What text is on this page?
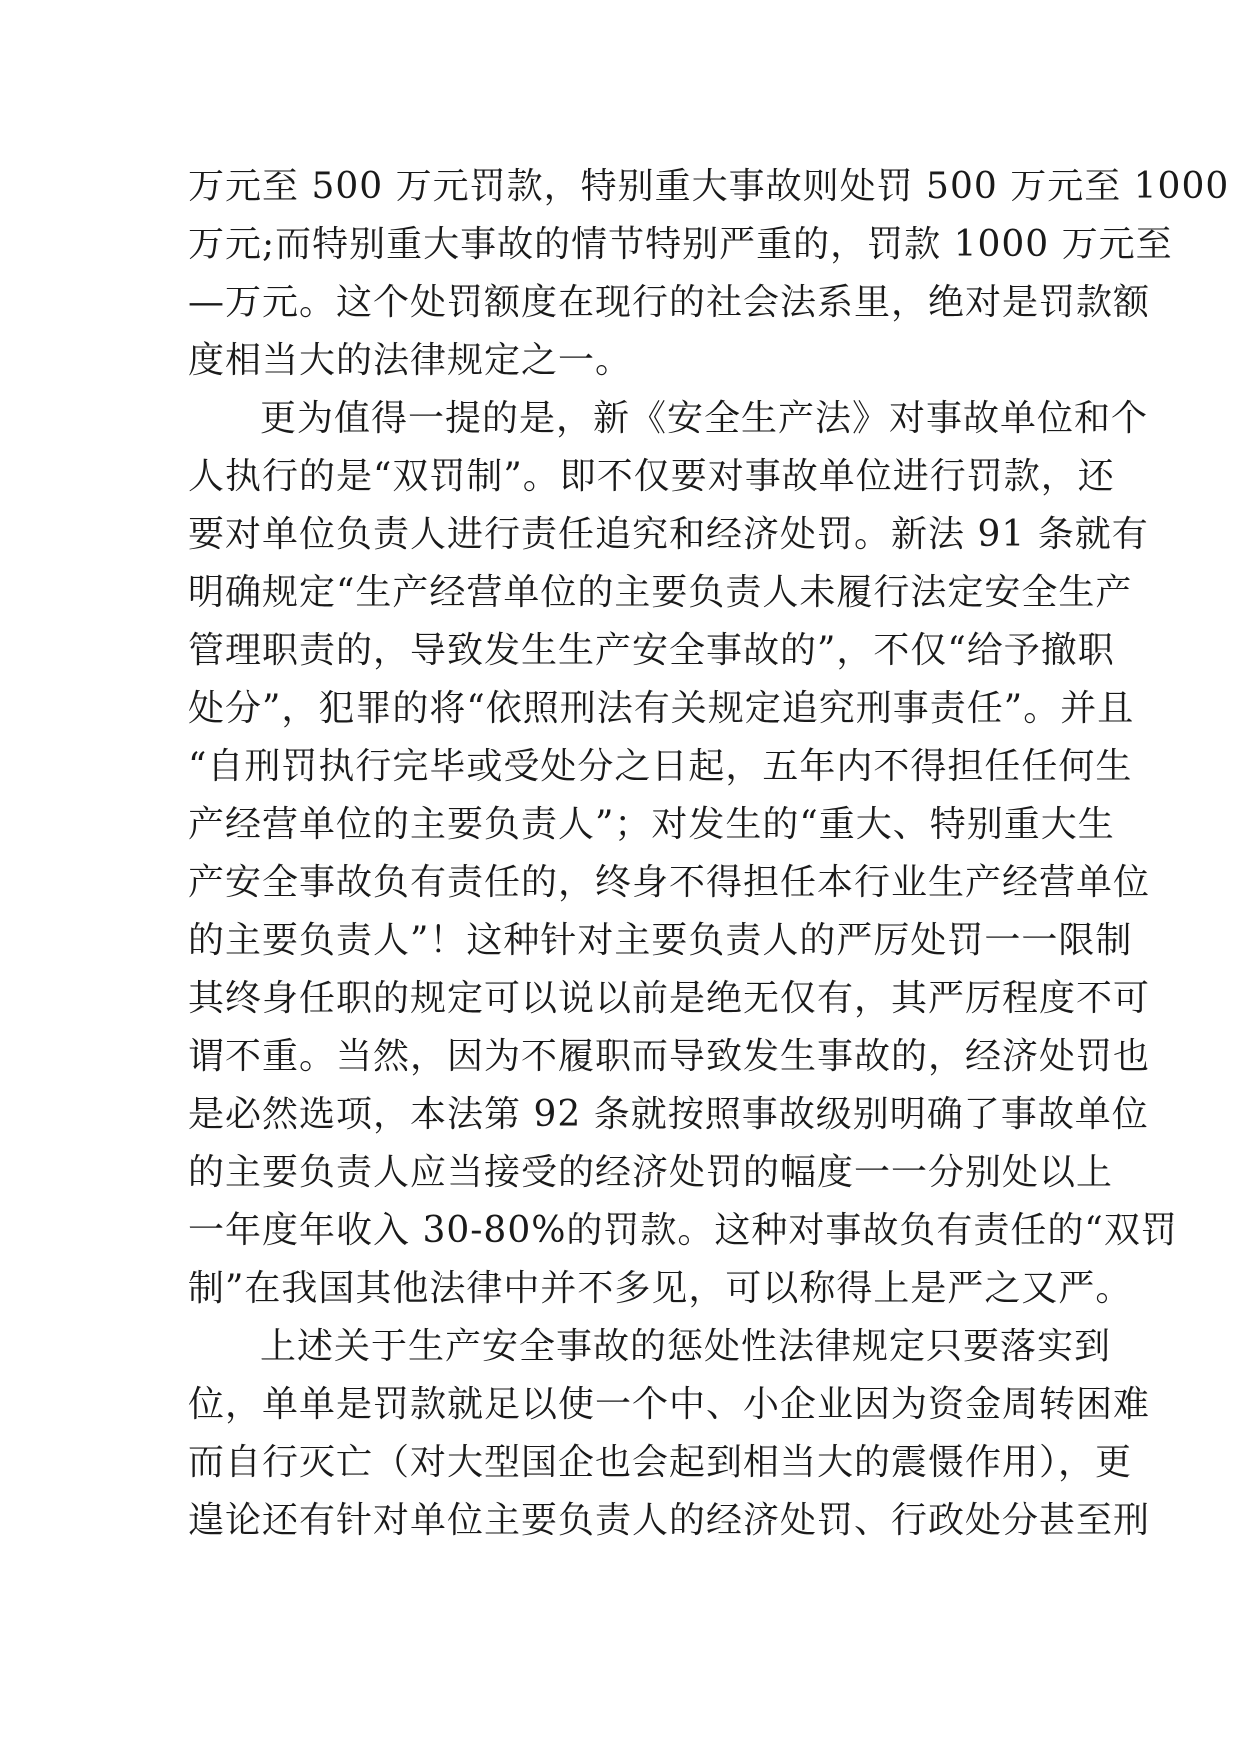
万元至 500 万元罚款，特别重大事故则处罚 500 万元至 1000
万元;而特别重大事故的情节特别严重的，罚款 1000 万元至
—万元。这个处罚额度在现行的社会法系里，绝对是罚款额
度相当大的法律规定之一。
更为值得一提的是，新《安全生产法》对事故单位和个
人执行的是“双罚制”。即不仅要对事故单位进行罚款，还
要对单位负责人进行责任追究和经济处罚。新法 91 条就有
明确规定“生产经营单位的主要负责人未履行法定安全生产
管理职责的，导致发生生产安全事故的”，不仅“给予撤职
处分”，犯罪的将“依照刑法有关规定追究刑事责任”。并且
“自刑罚执行完毕或受处分之日起，五年内不得担任任何生
产经营单位的主要负责人”；对发生的“重大、特别重大生
产安全事故负有责任的，终身不得担任本行业生产经营单位
的主要负责人”！这种针对主要负责人的严厉处罚一一限制
其终身任职的规定可以说以前是绝无仅有，其严厉程度不可
谓不重。当然，因为不履职而导致发生事故的，经济处罚也
是必然选项，本法第 92 条就按照事故级别明确了事故单位
的主要负责人应当接受的经济处罚的幅度一一分别处以上
一年度年收入 30-80%的罚款。这种对事故负有责任的“双罚
制”在我国其他法律中并不多见，可以称得上是严之又严。
上述关于生产安全事故的惩处性法律规定只要落实到
位，单单是罚款就足以使一个中、小企业因为资金周转困难
而自行灭亡（对大型国企也会起到相当大的震慑作用），更
遑论还有针对单位主要负责人的经济处罚、行政处分甚至刑
